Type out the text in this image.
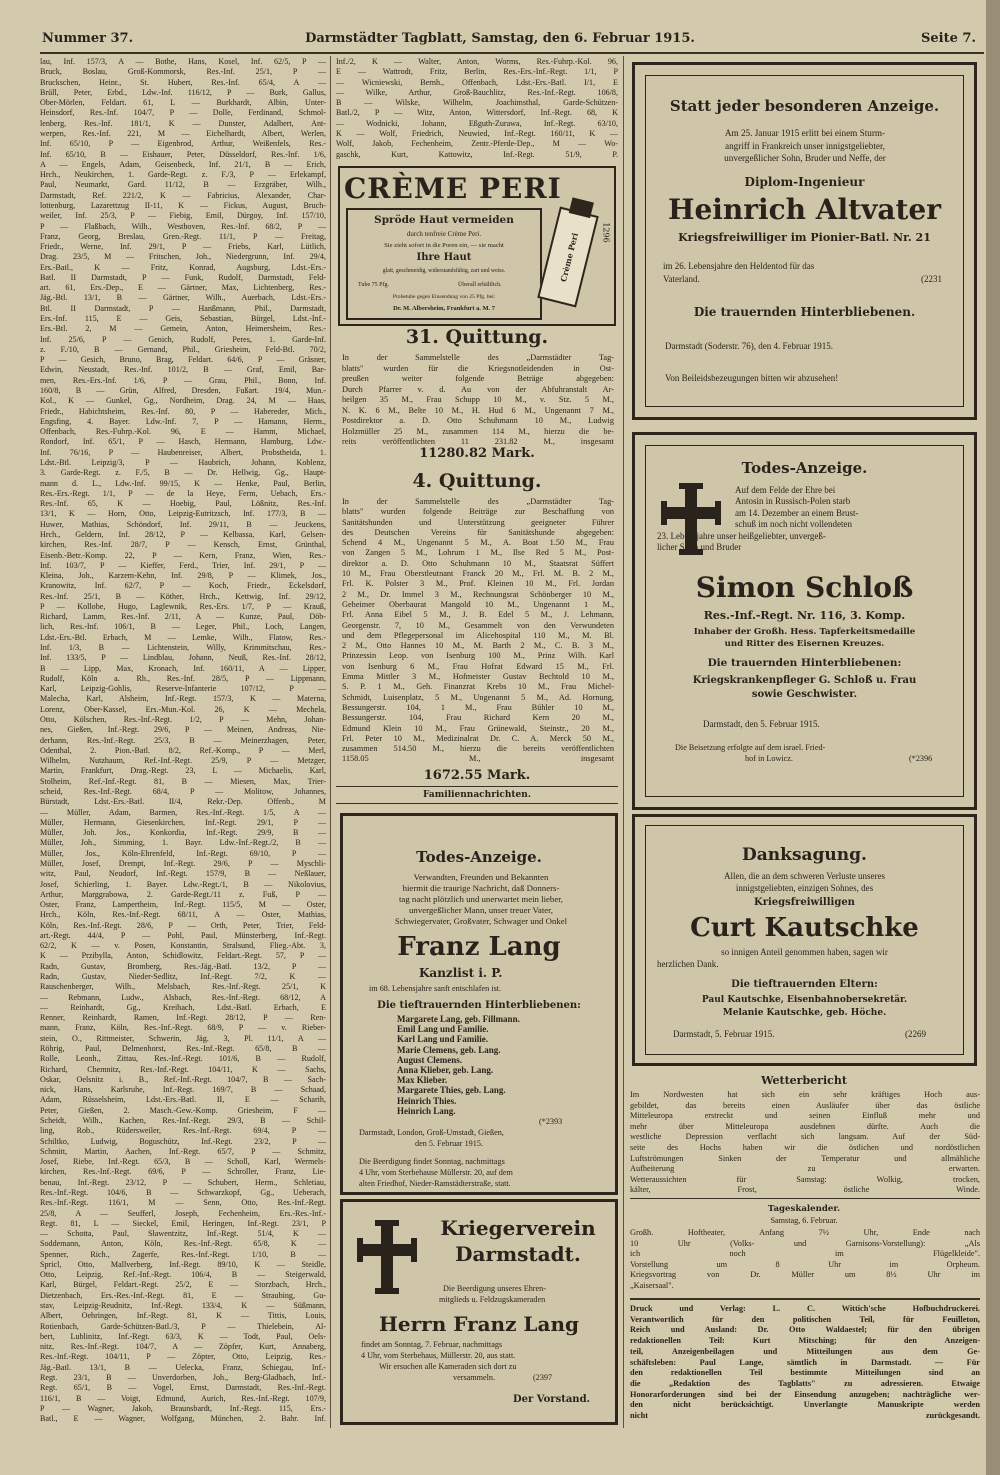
Nummer 37.	Darmstädter Tagblatt, Samstag, den 6. Februar 1915.	Seite 7.

lau, Inf. 157/3, A — Bothe, Hans, Kosel, Inf. 62/5, P —

Bruck, Boslau, Groß-Kommorsk, Res.-Inf. 25/1, P —

Bruckschen, Heinr., St. Hubert, Res.-Inf. 65/4, A —

Brüll, Peter, Erbd., Ldw.-Inf. 116/12, P — Burk, Gallus,

Ober-Mörlen, Feldart. 61, L — Burkhardt, Albin, Unter-

Heinsdorf, Res.-Inf. 104/7, P — Dolle, Ferdinand, Schmol-

lenberg, Res.-Inf. 181/1, K — Dunster, Adalbert, Ant-

werpen, Res.-Inf. 221, M — Eichelhardt, Albert, Werlen,

Inf. 65/10, P — Eigenbrod, Arthur, Weißenfels, Res.-

Inf. 65/10, B — Eishauer, Peter, Düsseldorf, Res.-Inf. 1/6,

A — Engels, Adam, Geisenbeck, Inf. 21/1, B — Erich,

Hrch., Neukirchen, 1. Garde-Regt. z. F./3, P — Erlekampf,

Paul, Neumarkt, Gard. 11/12, B — Erzgräber, Wilh.,

Darmstadt, Ref. 221/2, K — Fabricius, Alexander, Char-

lottenburg, Lazarettzug II-11, K — Fickus, August, Bruch-

weiler, Inf. 25/3, P — Fiebig, Emil, Dürgoy, Inf. 157/10,

P — Flaßbach, Wilh., Westhoven, Res.-Inf. 68/2, P —

Franz, Georg, Breslau, Gren.-Regt. 11/1, P — Freitag,

Friedr., Werne, Inf. 29/1, P — Friebs, Karl, Lütlich,

Drag. 23/5, M — Fritschen, Joh., Niedergrunn, Inf. 29/4,

Ers.-Batl., K — Fritz, Konrad, Augsburg, Ldst.-Ers.-

Batl. II Darmstadt, P — Funk, Rudolf, Darmstadt, Feld-

art. 61, Ers.-Dep., E — Gärtner, Max, Lichtenberg, Res.-

Jäg.-Btl. 13/1, B — Gärtner, Wilh., Auerbach, Ldst.-Ers.-

Btl. II Darmstadt, P — Hanßmann, Phil., Darmstadt,

Ers.-Inf. 115, E — Geis, Sebastian, Bürgel, Ldst.-Inf.-

Ers.-Btl. 2, M — Gemein, Anton, Heimersheim, Res.-

Inf. 25/6, P — Genich, Rudolf, Peres, 1. Garde-Inf.

z. F./10, B — Gernand, Phil., Griesheim, Feld-Btl. 70/2,

P — Gesich, Bruno, Brag, Feldart. 64/6, P — Gräsner,

Edwin, Neustadt, Res.-Inf. 101/2, B — Graf, Emil, Bar-

men, Res.-Ers.-Inf. 1/6, P — Grau, Phil., Bonn, Inf.

160/8, B — Grün, Alfred, Dresden, Fußart. 19/4, Mun.-

Kol., K — Gunkel, Gg., Nordheim, Drag. 24, M — Haas,

Friedr., Habichtsheim, Res.-Inf. 80, P — Habereder, Mich.,

Engsfing, 4. Bayer. Ldw.-Inf. 7, P — Hamann, Herm.,

Offenbach, Res.-Fuhrp.-Kol. 96, E — Hamm, Michael,

Rondorf, Inf. 65/1, P — Hasch, Hermann, Hamburg, Ldw.-

Inf. 76/16, P — Haubenreiser, Albert, Probstheida, 1.

Ldst.-Btl. Leipzig/3, P — Haubrich, Johann, Koblenz,

3. Garde-Regt. z. F./5, B — Dr. Hellwig, Gg., Haupt-

mann d. L., Ldw.-Inf. 99/15, K — Henke, Paul, Berlin,

Res.-Ers.-Regt. 1/1, P — de la Heye, Ferm, Uebach, Ers.-

Res.-Inf. 65, K — Hoebig, Paul, Lößnitz, Res.-Inf.

13/1, K — Horn, Otto, Leipzig-Eutritzsch, Inf. 177/3, B —

Huwer, Mathias, Schöndorf, Inf. 29/11, B — Jeuckens,

Hrch., Geldern, Inf. 28/12, P — Kelbassa, Karl, Gelsen-

kirchen, Res.-Inf. 28/7, P — Kensch, Ernst, Grünthal,

Eisenb.-Betr.-Komp. 22, P — Kern, Franz, Wien, Res.-

Inf. 103/7, P — Kieffer, Ferd., Trier, Inf. 29/1, P —

Kleina, Joh., Karzem-Kehn, Inf. 29/8, P — Klimek, Jos.,

Kranowitz, Inf. 62/7, P — Koch, Friedr., Eckelsdorf,

Res.-Inf. 25/1, B — Köther, Hrch., Kettwig, Inf. 29/12,

P — Kollobe, Hugo, Laglewnik, Res.-Ers. 1/7, P — Krauß,

Richard, Lamm, Res.-Inf. 2/11, A — Kunze, Paul, Döb-

lich, Res.-Inf. 106/1, B — Leger, Phil., Loch, Langen,

Ldst.-Ers.-Btl. Erbach, M — Lemke, Wilh., Flatow, Res.-

Inf. 1/3, B — Lichtenstein, Willy, Krimmitschau, Res.-

Inf. 133/5, P — Lindblau, Johann, Neuß, Res.-Inf. 28/12,

B — Lipp, Max, Kronach, Inf. 160/11, A — Lipper,

Rudolf, Köln a. Rh., Res.-Inf. 28/5, P — Lippmann,

Karl, Leipzig-Gohlis, Reserve-Infanterie 107/12, P —

Malecha, Karl, Alsheim, Inf.-Regt. 157/3, K — Materna,

Lorenz, Ober-Kassel, Ers.-Mun.-Kol. 26, K — Mechela,

Otto, Kölschen, Res.-Inf.-Regt. 1/2, P — Mehn, Johan-

nes, Gießen, Inf.-Regt. 29/6, P — Meinen, Andreas, Nie-

derhann, Res.-Inf.-Regt. 25/3, B — Meinerzhagen, Peter,

Odenthal, 2. Pion.-Batl. 8/2, Ref.-Komp., P — Merl,

Wilhelm, Nutzhaum, Ref.-Inf.-Regt. 25/9, P — Metzger,

Martin, Frankfurt, Drag.-Regt. 23, L — Michaelis, Karl,

Stolheim, Ref.-Inf.-Regt. 81, B — Miesen, Max, Trier-

scheid, Res.-Inf.-Regt. 68/4, P — Molitow, Johannes,

Bürstadt, Ldst.-Ers.-Batl. II/4, Rekr.-Dep. Offenb., M

— Müller, Adam, Barmen, Res.-Inf.-Regt. 1/5, A —

Müller, Hermann, Giesenkirchen, Inf.-Regt. 29/1, P —

Müller, Joh. Jos., Konkordia, Inf.-Regt. 29/9, B —

Müller, Joh., Simming, 1. Bayr. Ldw.-Inf.-Regt./2, B —

Müller, Jos., Köln-Ehrenfeld, Inf.-Regt. 69/10, P —

Müller, Josef, Drempt, Inf.-Regt. 29/6, P — Myschli-

witz, Paul, Neudorf, Inf.-Regt. 157/9, B — Neßlauer,

Josef, Schierling, 1. Bayer. Ldw.-Regt./1, B — Nikolovius,

Arthur, Marggrabowa, 2. Garde-Regt./11 z. Fuß, P —

Oster, Franz, Lampertheim, Inf.-Regt. 115/5, M — Oster,

Hrch., Köln, Res.-Inf.-Regt. 68/11, A — Oster, Mathias,

Köln, Res.-Inf.-Regt. 28/6, P — Orth, Peter, Trier, Feld-

art.-Regt. 44/4, P — Pohl, Paul, Münsterberg, Inf.-Regt.

62/2, K — v. Posen, Konstantin, Stralsund, Flieg.-Abt. 3,

K — Przibylla, Anton, Schidlowitz, Feldart.-Regt. 57, P —

Radn, Gustav, Bromberg, Res.-Jäg.-Batl. 13/2, P —

Radn, Gustav, Nieder-Sedlitz, Inf.-Regt. 7/2, K —

Rauschenberger, Wilh., Melsbach, Res.-Inf.-Regt. 25/1, K

— Rebmann, Ludw., Alsbach, Res.-Inf.-Regt. 68/12, A

— Reinhardt, Gg., Kreibach, Ldst.-Batl. Erbach, E

Renner, Reinhardt, Ramen, Inf.-Regt. 28/12, P — Ren-

mann, Franz, Köln, Res.-Inf.-Regt. 68/9, P — v. Rieber-

stein, O., Rittmeister, Schwerin, Jäg. 3, Pl. 11/1, A —

Röhrig, Paul, Delmenhorst, Res.-Inf.-Regt. 65/8, B —

Rolle, Leonh., Zittau, Res.-Inf.-Regt. 101/6, B — Rudolf,

Richard, Chemnitz, Res.-Inf.-Regt. 104/11, K — Sachs,

Oskar, Oelsnitz i. B., Ref.-Inf.-Regt. 104/7, B — Sach-

nick, Hans, Karlsruhe, Inf.-Regt. 169/7, B — Schaad,

Adam, Rüsselsheim, Ldst.-Ers.-Batl. II, E — Scharih,

Peter, Gießen, 2. Masch.-Gew.-Komp. Griesheim, F —

Scheidt, Wilh., Kachen, Res.-Inf.-Regt. 29/3, B — Schil-

ling, Rob., Rüdersweiler, Res.-Inf.-Regt. 69/4, P —

Schiltko, Ludwig, Boguschütz, Inf.-Regt. 23/2, P —

Schmitt, Martin, Aachen, Inf.-Regt. 65/7, P — Schmitz,

Josef, Riebe, Inf.-Regt. 65/3, B — Scholl, Karl, Wermels-

kirchen, Res.-Inf.-Regt. 69/6, P — Schroller, Franz, Lie-

benau, Inf.-Regt. 23/12, P — Schubert, Herm., Schletiau,

Res.-Inf.-Regt. 104/6, B — Schwarzkopf, Gg., Ueberach,

Res.-Inf.-Regt. 116/1, M — Senn, Otto, Res.-Inf.-Regt.

25/8, A — Seufferl, Joseph, Fechenheim, Ers.-Res.-Inf.-

Regt. 81, L — Sieckel, Emil, Heringen, Inf.-Regt. 23/1, P

— Schotta, Paul, Sławentzitz, Inf.-Regt. 51/4, K —

Soddemann, Anton, Köln, Res.-Inf.-Regt. 65/8, K —

Spenner, Rich., Zagerfe, Res.-Inf.-Regt. 1/10, B —

Spricl, Otto, Mallverberg, Inf.-Regt. 89/10, K — Steidle,

Otto, Leipzig, Ref.-Inf.-Regt. 106/4, B — Steigerwald,

Karl, Bürgel, Feldart.-Regt. 25/2, E — Storzbach, Hrch.,

Dietzenbach, Ers.-Res.-Inf.-Regt. 81, E — Straubing, Gu-

stav, Leipzig-Reudnitz, Inf.-Regt. 133/4, K — Süßmann,

Albert, Oehringen, Inf.-Regt. 81, K — Tittis, Louis,

Rotienbach, Garde-Schützen-Batl./3, P — Thielebein, Al-

bert, Lublinitz, Inf.-Regt. 63/3, K — Todt, Paul, Oels-

nitz, Res.-Inf.-Regt. 104/7, A — Zöpfer, Kurt, Annaberg,

Res.-Inf.-Regt. 104/11, P — Zöpter, Otto, Leipzig, Res.-

Jäg.-Batl. 13/1, B — Uelecka, Franz, Schiegau, Inf.-

Regt. 23/1, B — Unverdorben, Joh., Berg-Gladbach, Inf.-

Regt. 65/1, B — Vogel, Ernst, Darmstadt, Res.-Inf.-Regt.

116/1, B — Voigt, Edmund, Aurich, Res.-Inf.-Regt. 107/9,

P — Wagner, Jakob, Braunsbardt, Inf.-Regt. 115, Ers.-

Batl., E — Wagner, Wolfgang, München, 2. Bahr. Inf.

Inf./2, K — Walter, Anton, Worms, Res.-Fuhrp.-Kol. 96,

E — Wattrodt, Fritz, Berlin, Res.-Ers.-Inf.-Regt. 1/1, P

— Wicniewski, Bernh., Offenbach, Ldst.-Ers.-Batl. I/1, E

— Wilke, Arthur, Groß-Bauchlitz, Res.-Inf.-Regt. 106/8,

B — Wilske, Wilhelm, Joachimsthal, Garde-Schützen-

Batl./2, P — Witz, Anton, Wittersdorf, Inf.-Regt. 68, K

— Wodnicki, Johann, Eßguth-Zurawa, Inf.-Regt. 63/10,

K — Wolf, Friedrich, Neuwied, Inf.-Regt. 160/11, K —

Wolf, Jakob, Fechenheim, Zentr.-Pferde-Dep., M — Wo-

gaschk, Kurt, Kattowitz, Inf.-Regt. 51/9, P.

CRÈME PERI
Spröde Haut vermeiden
durch tenfreie Crème Peri.
Sie zieht sofort in die Poren ein, — sie macht
Ihre Haut
glatt, geschmeidig, widerstandsfähig, zart und weiss.
Tube 75 Pfg.	Überall erhältlich.
Probetube gegen Einsendung von 25 Pfg. bei:
Dr. M. Albersheim, Frankfurt a. M. 7
Crème Peri	1296
31. Quittung.

In der Sammelstelle des „Darmstädter Tag-

blatts" wurden für die Kriegsnotleidenden in Ost-

preußen weiter folgende Beträge abgegeben:

Durch Pfarrer v. d. Au von der Abfuhranstalt Ar-

heilgen 35 M., Frau Schupp 10 M., v. Stz. 5 M.,

N. K. 6 M., Belte 10 M., H. Hud 6 M., Ungenannt 7 M.,

Postdirektor a. D. Otto Schuhmann 10 M., Ludwig

Holzmüller 25 M., zusammen 114 M., hierzu die be-

reits veröffentlichten 11 231.82 M., insgesamt

11280.82 Mark.
4. Quittung.

In der Sammelstelle des „Darmstädter Tag-

blatts" wurden folgende Beiträge zur Beschaffung von

Sanitätshunden und Unterstützung geeigneter Führer

des Deutschen Vereins für Sanitätshunde abgegeben:

Schend 4 M., Ungenannt 5 M., A. Boat 1.50 M., Frau

von Zangen 5 M., Lohrum 1 M., Ilse Red 5 M., Post-

direktor a. D. Otto Schuhmann 10 M., Staatsrat Süffert

10 M., Frau Oberstleutnant Franck 20 M., Frl. M. B. 2 M.,

Frl. K. Polster 3 M., Prof. Kleinen 10 M., Frl. Jordan

2 M., Dr. Immel 3 M., Rechnungsrat Schönberger 10 M.,

Geheimer Oberbaurat Mangold 10 M., Ungenannt 1 M.,

Frl. Anna Eibel 5 M., J. B. Edel 5 M., J. Lehmann,

Georgenstr. 7, 10 M., Gesammelt von den Verwundeten

und dem Pflegepersonal im Alicehospital 110 M., M. Bl.

2 M., Otto Hannes 10 M., M. Barth 2 M., C. B. 3 M.,

Prinzessin Leop. von Isenburg 100 M., Prinz Wilh. Karl

von Isenburg 6 M., Frau Hofrat Edward 15 M., Frl.

Emma Mittler 3 M., Hofmeister Gustav Bechtold 10 M.,

S. P. 1 M., Geh. Finanzrat Krebs 10 M., Frau Michel-

Schmidt, Luisenplatz, 5 M., Ungenannt 5 M., Ad. Hornung,

Bessungerstr. 104, 1 M., Frau Bühler 10 M.,

Bessungerstr. 104, Frau Richard Kern 20 M.,

Edmund Klein 10 M., Frau Grünewald, Steinstr., 20 M.,

Frl. Peter 10 M., Medizinalrat Dr. C. A. Merck 50 M.,

zusammen 514.50 M., hierzu die bereits veröffentlichten

1158.05 M., insgesamt

1672.55 Mark.
Familiennachrichten.
Todes-Anzeige.
Verwandten, Freunden und Bekannten
hiermit die traurige Nachricht, daß Donners-
tag nacht plötzlich und unerwartet mein lieber,
unvergeßlicher Mann, unser treuer Vater,
Schwiegervater, Großvater, Schwager und Onkel
Franz Lang
Kanzlist i. P.
im 68. Lebensjahre sanft entschlafen ist.
Die tieftrauernden Hinterbliebenen:
Margarete Lang, geb. Fillmann.
Emil Lang und Familie.
Karl Lang und Familie.
Marie Clemens, geb. Lang.
August Clemens.
Anna Klieber, geb. Lang.
Max Klieber.
Margarete Thies, geb. Lang.
Heinrich Thies.
Heinrich Lang.
(*2393
Darmstadt, London, Groß-Umstadt, Gießen,
den 5. Februar 1915.
Die Beerdigung findet Sonntag, nachmittags
4 Uhr, vom Sterbehause Müllerstr. 20, auf dem
alten Friedhof, Nieder-Ramstädterstraße, statt.
Kriegerverein
Darmstadt.
Die Beerdigung unseres Ehren-
mitglieds u. Feldzugskameraden
Herrn Franz Lang
findet am Sonntag, 7. Februar, nachmittags
4 Uhr, vom Sterbehaus, Müllerstr. 20, aus statt.
Wir ersuchen alle Kameraden sich dort zu
versammeln.	(2397
Der Vorstand.
Statt jeder besonderen Anzeige.
Am 25. Januar 1915 erlitt bei einem Sturm-
angriff in Frankreich unser innigstgeliebter,
unvergeßlicher Sohn, Bruder und Neffe, der
Diplom-Ingenieur
Heinrich Altvater
Kriegsfreiwilliger im Pionier-Batl. Nr. 21
im 26. Lebensjahre den Heldentod für das
Vaterland.	(2231
Die trauernden Hinterbliebenen.
Darmstadt (Soderstr. 76), den 4. Februar 1915.
Von Beileidsbezeugungen bitten wir abzusehen!
Todes-Anzeige.
Auf dem Felde der Ehre bei
Antosin in Russisch-Polen starb
am 14. Dezember an einem Brust-
schuß im noch nicht vollendeten
23. Lebensjahre unser heißgeliebter, unvergeß-
licher Sohn und Bruder
Simon Schloß
Res.-Inf.-Regt. Nr. 116, 3. Komp.
Inhaber der Großh. Hess. Tapferkeitsmedaille
und Ritter des Eisernen Kreuzes.
Die trauernden Hinterbliebenen:
Kriegskrankenpfleger G. Schloß u. Frau
sowie Geschwister.
Darmstadt, den 5. Februar 1915.
Die Beisetzung erfolgte auf dem israel. Fried-
hof in Lowicz.	(*2396
Danksagung.
Allen, die an dem schweren Verluste unseres
innigstgeliebten, einzigen Sohnes, des
Kriegsfreiwilligen
Curt Kautschke
so innigen Anteil genommen haben, sagen wir
herzlichen Dank.
Die tieftrauernden Eltern:
Paul Kautschke, Eisenbahnobersekretär.
Melanie Kautschke, geb. Höche.
Darmstadt, 5. Februar 1915.	(2269
Wetterbericht

Im Nordwesten hat sich ein sehr kräftiges Hoch aus-

gebildet, das bereits einen Ausläufer über das östliche

Mitteleuropa erstreckt und seinen Einfluß mehr und

mehr über Mitteleuropa ausdehnen dürfte. Auch die

westliche Depression verflacht sich langsam. Auf der Süd-

seite des Hochs haben wir die östlichen und nordöstlichen

Luftströmungen Sinken der Temperatur und allmähliche

Aufheiterung zu erwarten.

Wetteraussichten für Samstag: Wolkig, trocken,

kälter, Frost, östliche Winde.

Tageskalender.
Samstag, 6. Februar.

Großh. Hoftheater, Anfang 7½ Uhr, Ende nach

10 Uhr (Volks- und Garnisons-Vorstellung): „Als

ich noch im Flügelkleide".

Vorstellung um 8 Uhr im Orpheum.

Kriegsvortrag von Dr. Müller um 8½ Uhr im

„Kaisersaal".

Druck und Verlag: L. C. Wittich'sche Hofbuchdruckerei.

Verantwortlich für den politischen Teil, für Feuilleton,

Reich und Ausland: Dr. Otto Waldaestel; für den übrigen

redaktionellen Teil: Kurt Mitsching; für den Anzeigen-

teil, Anzeigenbeilagen und Mitteilungen aus dem Ge-

schäftsleben: Paul Lange, sämtlich in Darmstadt. — Für

den redaktionellen Teil bestimmte Mitteilungen sind an

die „Redaktion des Tagblatts" zu adressieren. Etwaige

Honorarforderungen sind bei der Einsendung anzugeben; nachträgliche wer-

den nicht berücksichtigt. Unverlangte Manuskripte werden

nicht zurückgesandt.
